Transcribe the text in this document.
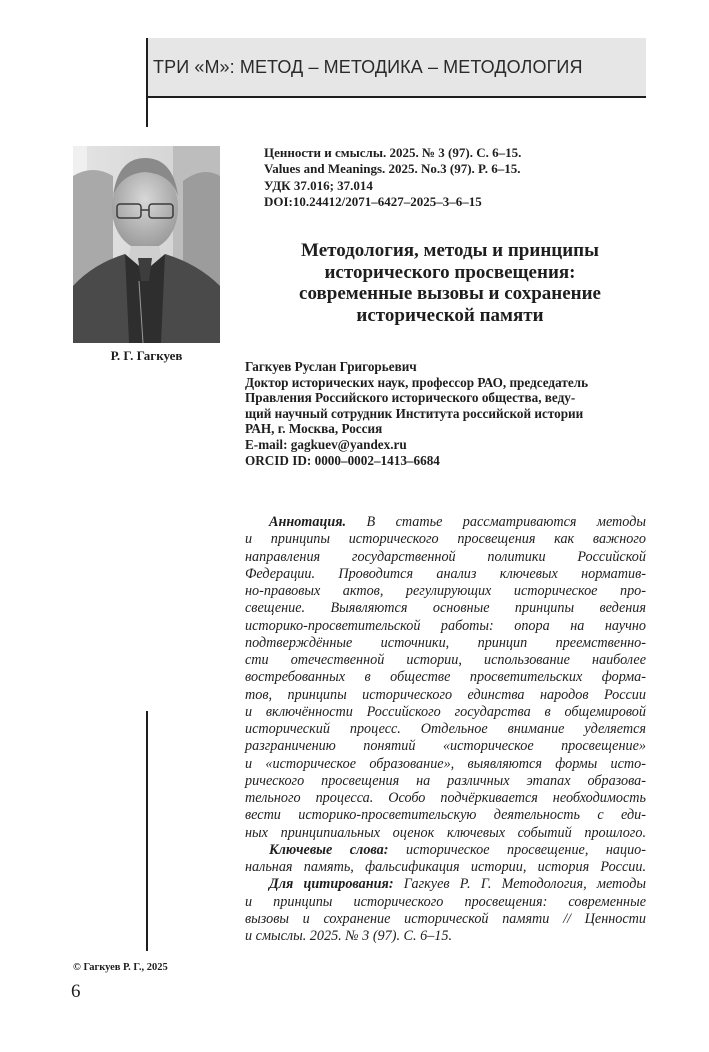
ТРИ «М»: МЕТОД – МЕТОДИКА – МЕТОДОЛОГИЯ
Р. Г. Гагкуев
Ценности и смыслы. 2025. № 3 (97). С. 6–15.
Values and Meanings. 2025. No.3 (97). P. 6–15.
УДК 37.016; 37.014
DOI:10.24412/2071–6427–2025–3–6–15
Методология, методы и принципы
исторического просвещения:
современные вызовы и сохранение
исторической памяти
Гагкуев Руслан Григорьевич
Доктор исторических наук, профессор РАО, председатель
Правления Российского исторического общества, веду-
щий научный сотрудник Института российской истории
РАН, г. Москва, Россия
E-mail: gagkuev@yandex.ru
ORCID ID: 0000–0002–1413–6684
Аннотация. В статье рассматриваются методы
и принципы исторического просвещения как важного
направления государственной политики Российской
Федерации. Проводится анализ ключевых норматив-
но-правовых актов, регулирующих историческое про-
свещение. Выявляются основные принципы ведения
историко-просветительской работы: опора на научно
подтверждённые источники, принцип преемственно-
сти отечественной истории, использование наиболее
востребованных в обществе просветительских форма-
тов, принципы исторического единства народов России
и включённости Российского государства в общемировой
исторический процесс. Отдельное внимание уделяется
разграничению понятий «историческое просвещение»
и «историческое образование», выявляются формы исто-
рического просвещения на различных этапах образова-
тельного процесса. Особо подчёркивается необходимость
вести историко-просветительскую деятельность с еди-
ных принципиальных оценок ключевых событий прошлого.
Ключевые слова: историческое просвещение, нацио-
нальная память, фальсификация истории, история России.
Для цитирования: Гагкуев Р. Г. Методология, методы
и принципы исторического просвещения: современные
вызовы и сохранение исторической памяти // Ценности
и смыслы. 2025. № 3 (97). С. 6–15.
© Гагкуев Р. Г., 2025
6
